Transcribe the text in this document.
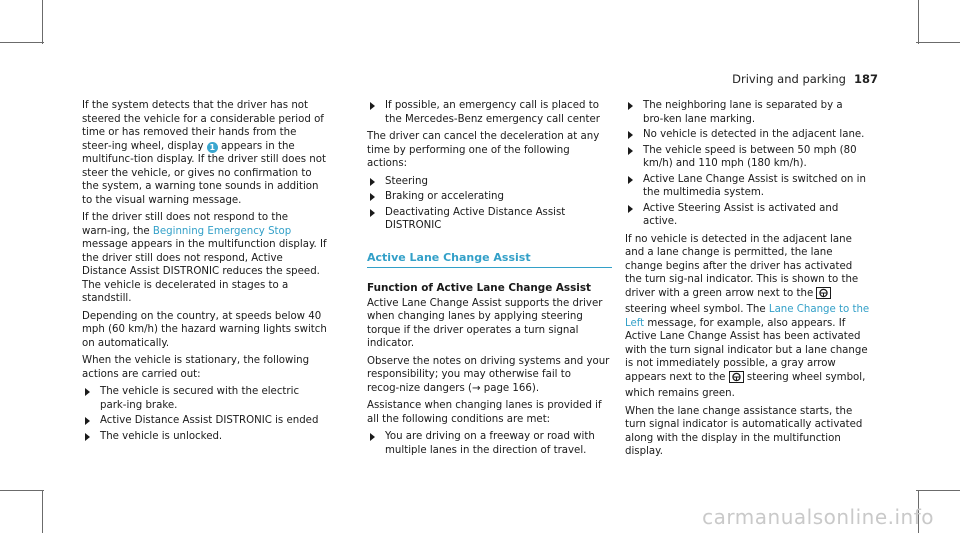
Driving and parking 187

If the system detects that the driver has not steered the vehicle for a considerable period of time or has removed their hands from the steer‑ing wheel, display 1 appears in the multifunc‑tion display. If the driver still does not steer the vehicle, or gives no confirmation to the system, a warning tone sounds in addition to the visual warning message.

If the driver still does not respond to the warn‑ing, the Beginning Emergency Stop message appears in the multifunction display. If the driver still does not respond, Active Distance Assist DISTRONIC reduces the speed. The vehicle is decelerated in stages to a standstill.

Depending on the country, at speeds below 40 mph (60 km/h) the hazard warning lights switch on automatically.

When the vehicle is stationary, the following actions are carried out:

The vehicle is secured with the electric park‑ing brake.
Active Distance Assist DISTRONIC is ended
The vehicle is unlocked.
If possible, an emergency call is placed to the Mercedes‑Benz emergency call center

The driver can cancel the deceleration at any time by performing one of the following actions:

Steering
Braking or accelerating
Deactivating Active Distance Assist DISTRONIC
Active Lane Change Assist
Function of Active Lane Change Assist

Active Lane Change Assist supports the driver when changing lanes by applying steering torque if the driver operates a turn signal indicator.

Observe the notes on driving systems and your responsibility; you may otherwise fail to recog‑nize dangers (→ page 166).

Assistance when changing lanes is provided if all the following conditions are met:

You are driving on a freeway or road with multiple lanes in the direction of travel.
The neighboring lane is separated by a bro‑ken lane marking.
No vehicle is detected in the adjacent lane.
The vehicle speed is between 50 mph (80 km/h) and 110 mph (180 km/h).
Active Lane Change Assist is switched on in the multimedia system.
Active Steering Assist is activated and active.

If no vehicle is detected in the adjacent lane and a lane change is permitted, the lane change begins after the driver has activated the turn sig‑nal indicator. This is shown to the driver with a green arrow next to the  steering wheel symbol. The Lane Change to the Left message, for example, also appears. If Active Lane Change Assist has been activated with the turn signal indicator but a lane change is not immediately possible, a gray arrow appears next to the steering wheel symbol, which remains green.

When the lane change assistance starts, the turn signal indicator is automatically activated along with the display in the multifunction display.

carmanualsonline.info
